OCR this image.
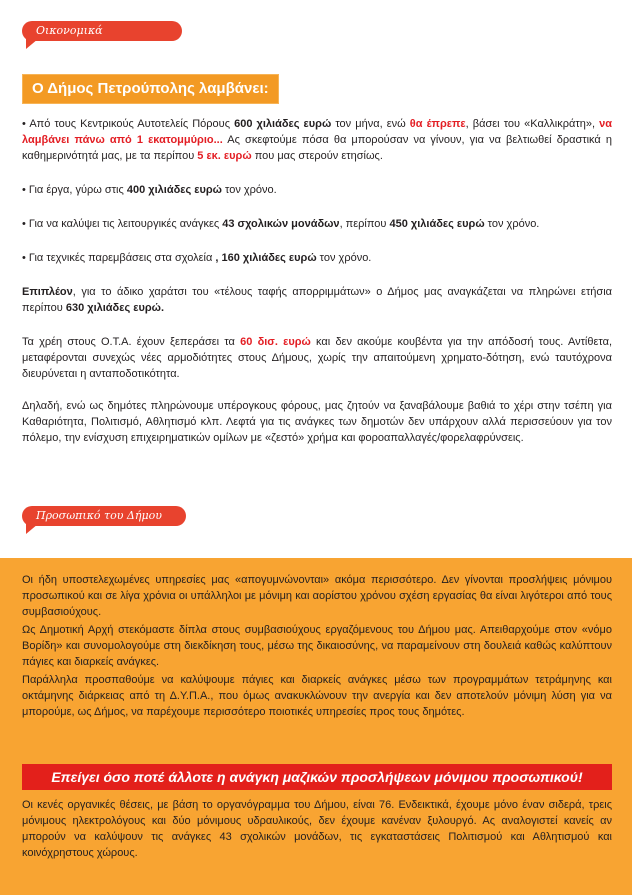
Οικονομικά
Ο Δήμος Πετρούπολης λαμβάνει:

• Από τους Κεντρικούς Αυτοτελείς Πόρους 600 χιλιάδες ευρώ τον μήνα, ενώ θα έπρεπε, βάσει του «Καλλικράτη», να λαμβάνει πάνω από 1 εκατομμύριο... Ας σκεφτούμε πόσα θα μπορούσαν να γίνουν, για να βελτιωθεί δραστικά η καθημερινότητά μας, με τα περίπου 5 εκ. ευρώ που μας στερούν ετησίως.

• Για έργα, γύρω στις 400 χιλιάδες ευρώ τον χρόνο.

• Για να καλύψει τις λειτουργικές ανάγκες 43 σχολικών μονάδων, περίπου 450 χιλιάδες ευρώ τον χρόνο.

• Για τεχνικές παρεμβάσεις στα σχολεία , 160 χιλιάδες ευρώ τον χρόνο.

Επιπλέον, για το άδικο χαράτσι του «τέλους ταφής απορριμμάτων» ο Δήμος μας αναγκάζεται να πληρώνει ετήσια περίπου 630 χιλιάδες ευρώ.

Τα χρέη στους Ο.Τ.Α. έχουν ξεπεράσει τα 60 δισ. ευρώ και δεν ακούμε κουβέντα για την απόδοσή τους. Αντίθετα, μεταφέρονται συνεχώς νέες αρμοδιότητες στους Δήμους, χωρίς την απαιτούμενη χρηματο-δότηση, ενώ ταυτόχρονα διευρύνεται η ανταποδοτικότητα.

Δηλαδή, ενώ ως δημότες πληρώνουμε υπέρογκους φόρους, μας ζητούν να ξαναβάλουμε βαθιά το χέρι στην τσέπη για Καθαριότητα, Πολιτισμό, Αθλητισμό κλπ. Λεφτά για τις ανάγκες των δημοτών δεν υπάρχουν αλλά περισσεύουν για τον πόλεμο, την ενίσχυση επιχειρηματικών ομίλων με «ζεστό» χρήμα και φοροαπαλλαγές/φορελαφρύνσεις.

Προσωπικό του Δήμου

Οι ήδη υποστελεχωμένες υπηρεσίες μας «απογυμνώνονται» ακόμα περισσότερο. Δεν γίνονται προσλήψεις μόνιμου προσωπικού και σε λίγα χρόνια οι υπάλληλοι με μόνιμη και αορίστου χρόνου σχέση εργασίας θα είναι λιγότεροι από τους συμβασιούχους.

Ως Δημοτική Αρχή στεκόμαστε δίπλα στους συμβασιούχους εργαζόμενους του Δήμου μας. Απειθαρχούμε στον «νόμο Βορίδη» και συνομολογούμε στη διεκδίκηση τους, μέσω της δικαιοσύνης, να παραμείνουν στη δουλειά καθώς καλύπτουν πάγιες και διαρκείς ανάγκες.

Παράλληλα προσπαθούμε να καλύψουμε πάγιες και διαρκείς ανάγκες μέσω των προγραμμάτων τετράμηνης και οκτάμηνης διάρκειας από τη Δ.Υ.Π.Α., που όμως ανακυκλώνουν την ανεργία και δεν αποτελούν μόνιμη λύση για να μπορούμε, ως Δήμος, να παρέχουμε περισσότερο ποιοτικές υπηρεσίες προς τους δημότες.

Επείγει όσο ποτέ άλλοτε η ανάγκη μαζικών προσλήψεων μόνιμου προσωπικού!

Οι κενές οργανικές θέσεις, με βάση το οργανόγραμμα του Δήμου, είναι 76. Ενδεικτικά, έχουμε μόνο έναν σιδερά, τρεις μόνιμους ηλεκτρολόγους και δύο μόνιμους υδραυλικούς, δεν έχουμε κανέναν ξυλουργό. Ας αναλογιστεί κανείς αν μπορούν να καλύψουν τις ανάγκες 43 σχολικών μονάδων, τις εγκαταστάσεις Πολιτισμού και Αθλητισμού και κοινόχρηστους χώρους.
